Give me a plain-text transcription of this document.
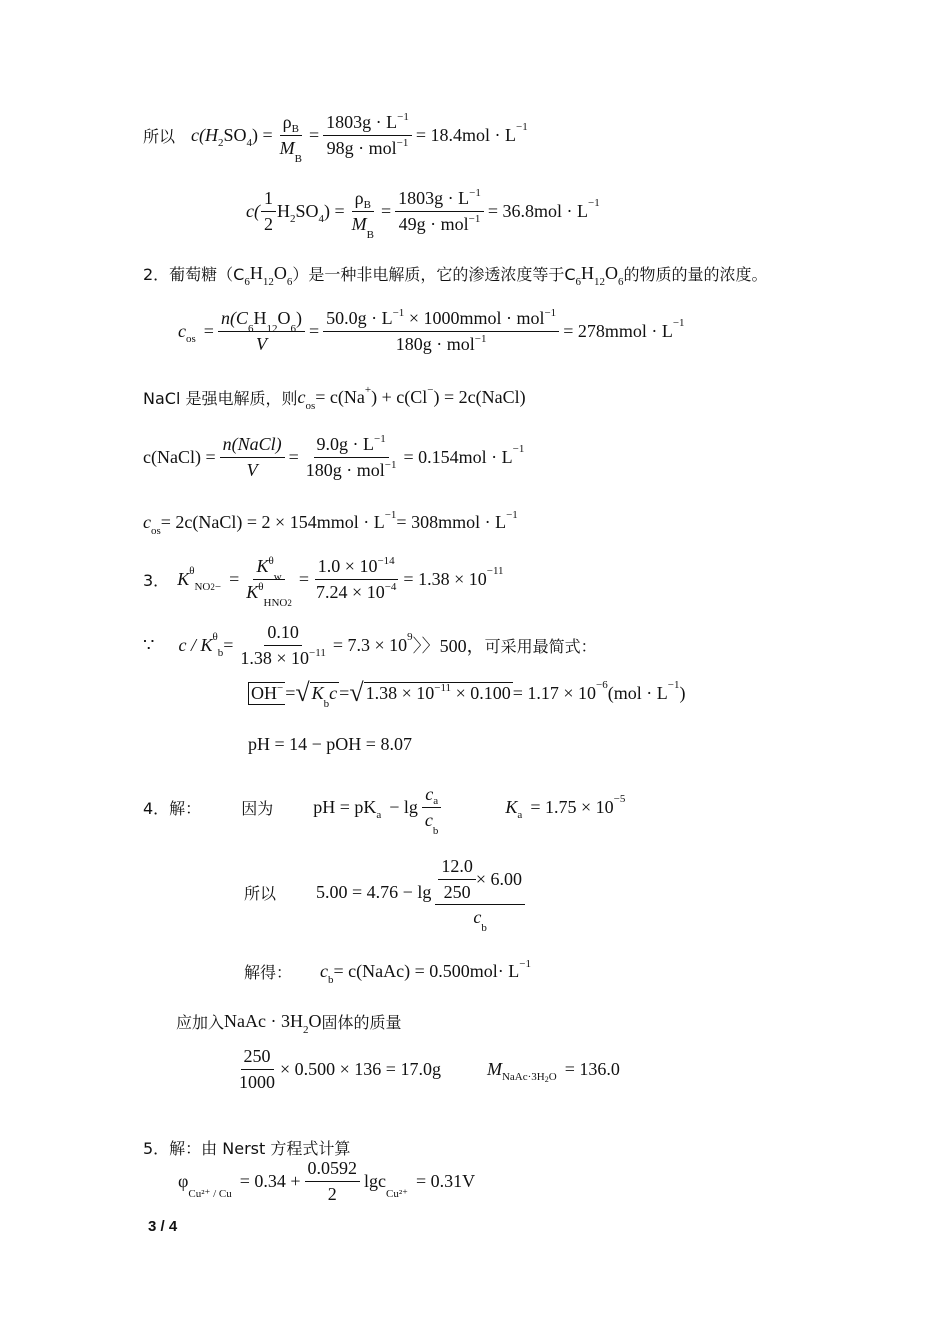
所以 c(H 2 SO 4 ) = $\frac{\rho_B}{M_B} = \frac{1803g \cdot L^{-1}}{98g \cdot mol^{-1}} = 18.4mol \cdot L -1$
$c( \frac{1}{2}$ H 2 SO 4 ) = $\frac{\rho_B}{M_B} = \frac{1803g \cdot L^{-1}}{49g \cdot mol^{-1}} = 36.8mol \cdot L -1$
2．葡萄糖（C 6 H 12 O 6 ）是一种非电解质，它的渗透浓度等于C 6 H 12 O 6 的物质的量的浓度。
c os = $\frac{n(C_6H_{12}O_6)}{V} = \frac{50.0g \cdot L^{-1} \times 1000mmol \cdot mol^{-1}}{180g \cdot mol^{-1}}$ = 278mmol · L −1
NaCl 是强电解质，则 c os = c(Na + ) + c(Cl − ) = 2c(NaCl)
c(NaCl) = $\frac{\text{n(NaCl)}}{V} = \frac{9.0g \cdot L^{-1}}{180g \cdot mol^{-1}} = 0.154mol \cdot L -1$
c os = 2c(NaCl) = 2 × 154mmol · L −1 = 308mmol · L −1
3． K θ
NO 2 − = $\frac{K^\theta_w}{K^\theta_{HNO2}} = \frac{1.0 \times 10^{-14}}{7.24 \times 10^{-4}} = 1.38 \times 10 -11$
∵ c / K θ
$b = \frac{0.10}{1.38 \times 10^{-11}} = 7.3 \times 10$ 9 〉〉500， 可采用最简式：
OH− = √ $K_bc$ = √ $1.38 \times 10^{-11} \times 0.100 = 1.17 \times 10 -6$ (mol · L −1 )
pH = 14 − pOH = 8.07
4．解：	因为 pH = pK $a - \lg \frac{c_a}{c_b}$	K a = 1.75 × 10 −5
所以 $5.00 = 4.76 - \lg \frac{\frac{12.0}{250} \times 6.00}{c_b}$
解得： c b = c(NaAc) = 0.500mol · L −1
应加入 NaAc · 3H 2 O 固体的质量
$\frac{250}{1000} \times 0.500 \times 136 = 17.0g$	M NaAc·3H 2 O = 136.0
5．解：由 Nerst 方程式计算
φ
Cu²⁺ / Cu
= $0.34 + \frac{0.0592}{2}$ lgc
Cu²⁺
= 0.31V
3 / 4
